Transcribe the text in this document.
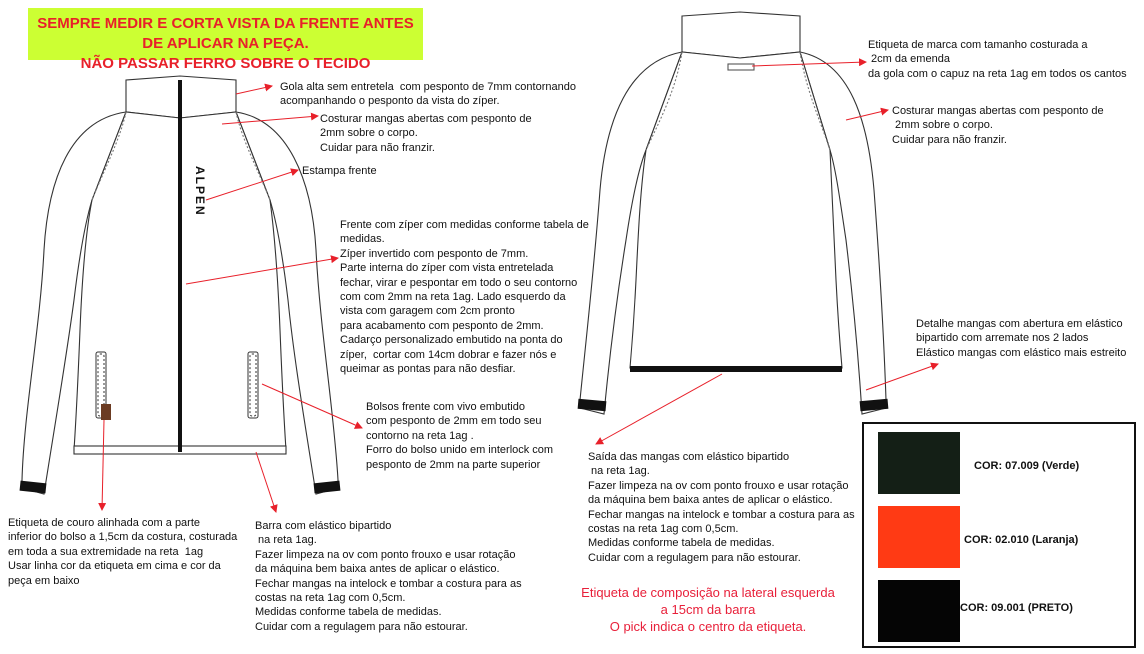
SEMPRE MEDIR E CORTA VISTA DA FRENTE ANTES DE APLICAR NA PEÇA.
NÃO PASSAR FERRO SOBRE O TECIDO
ALPEN
Gola alta sem entretela  com pesponto de 7mm contornando
acompanhando o pesponto da vista do zíper.
Costurar mangas abertas com pesponto de
2mm sobre o corpo.
Cuidar para não franzir.
Estampa frente
Frente com zíper com medidas conforme tabela de
medidas.
Zíper invertido com pesponto de 7mm.
Parte interna do zíper com vista entretelada
fechar, virar e pespontar em todo o seu contorno
com com 2mm na reta 1ag. Lado esquerdo da
vista com garagem com 2cm pronto
para acabamento com pesponto de 2mm.
Cadarço personalizado embutido na ponta do
zíper,  cortar com 14cm dobrar e fazer nós e
queimar as pontas para não desfiar.
Bolsos frente com vivo embutido
com pesponto de 2mm em todo seu
contorno na reta 1ag .
Forro do bolso unido em interlock com
pesponto de 2mm na parte superior
Etiqueta de couro alinhada com a parte
inferior do bolso a 1,5cm da costura, costurada
em toda a sua extremidade na reta  1ag
Usar linha cor da etiqueta em cima e cor da
peça em baixo
Barra com elástico bipartido
na reta 1ag.
Fazer limpeza na ov com ponto frouxo e usar rotação
da máquina bem baixa antes de aplicar o elástico.
Fechar mangas na intelock e tombar a costura para as
costas na reta 1ag com 0,5cm.
Medidas conforme tabela de medidas.
Cuidar com a regulagem para não estourar.
Etiqueta de marca com tamanho costurada a
2cm da emenda
da gola com o capuz na reta 1ag em todos os cantos
Costurar mangas abertas com pesponto de
2mm sobre o corpo.
Cuidar para não franzir.
Detalhe mangas com abertura em elástico
bipartido com arremate nos 2 lados
Elástico mangas com elástico mais estreito
Saída das mangas com elástico bipartido
na reta 1ag.
Fazer limpeza na ov com ponto frouxo e usar rotação
da máquina bem baixa antes de aplicar o elástico.
Fechar mangas na intelock e tombar a costura para as
costas na reta 1ag com 0,5cm.
Medidas conforme tabela de medidas.
Cuidar com a regulagem para não estourar.
Etiqueta de composição na lateral esquerda
a 15cm da barra
O pick indica o centro da etiqueta.
COR: 07.009 (Verde)
COR: 02.010 (Laranja)
COR: 09.001 (PRETO)
